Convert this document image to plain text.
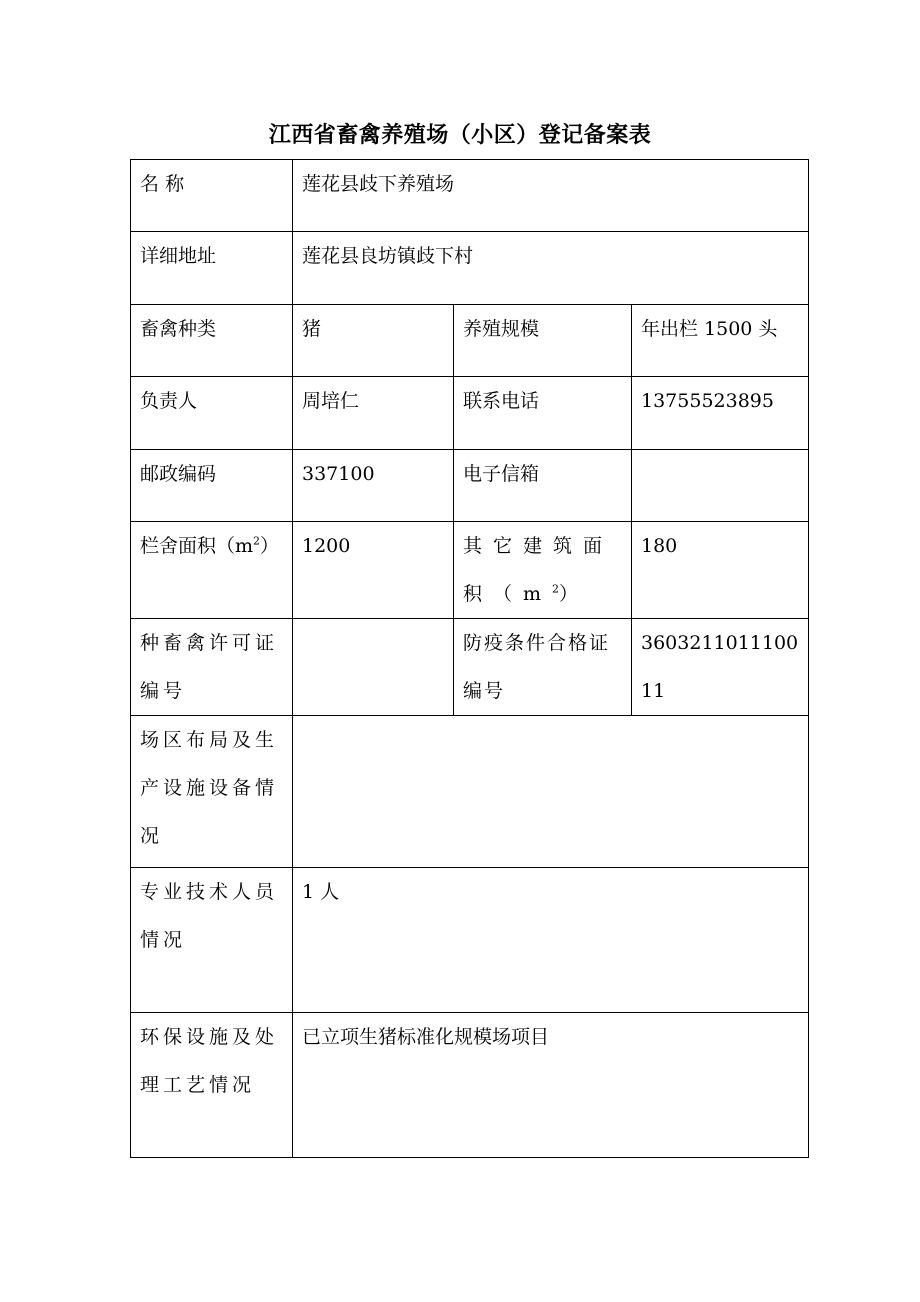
江西省畜禽养殖场（小区）登记备案表
名 称	莲花县歧下养殖场		

详细地址	莲花县良坊镇歧下村		

畜禽种类	猪	养殖规模	年出栏 1500 头

负责人	周培仁	联系电话	13755523895

邮政编码	337100	电子信箱	

栏舍面积$(m^2)$	1200	其它建筑面积$(m^2)$	180

种畜禽许可证编号		防疫条件合格证编号	360321101110011

场区布局及生产设施设备情况			

专业技术人员情况	1 人		

环保设施及处理工艺情况	已立项生猪标准化规模场项目		
